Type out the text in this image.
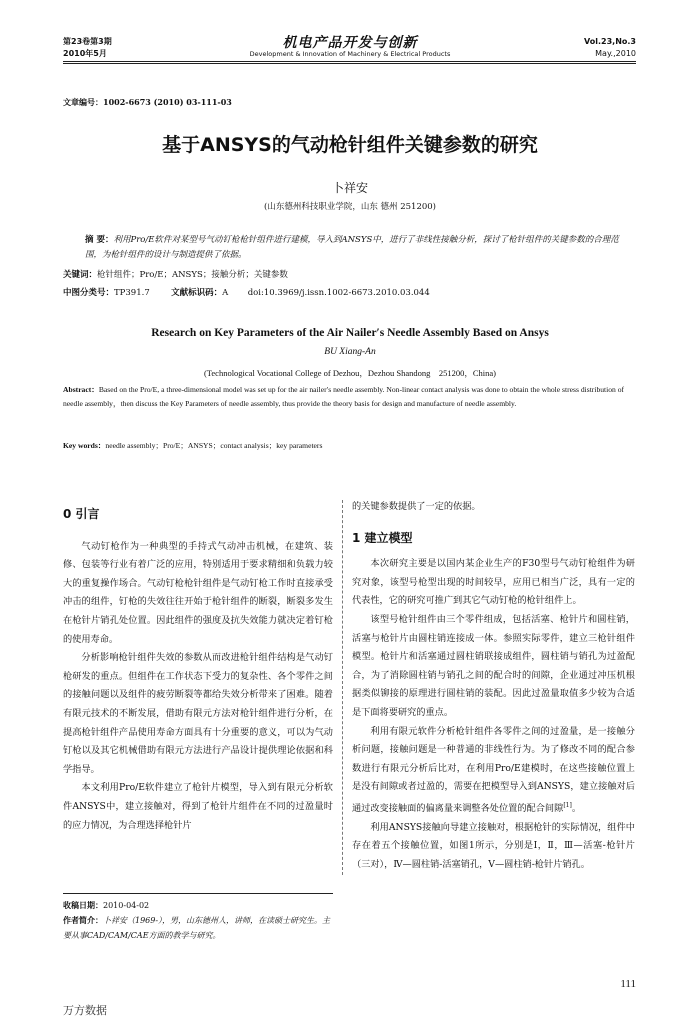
第23卷第3期
2010年5月
机电产品开发与创新
Development & Innovation of Machinery & Electrical Products
Vol.23,No.3
May.,2010
文章编号：1002-6673 (2010) 03-111-03
基于ANSYS的气动枪针组件关键参数的研究
卜祥安
(山东德州科技职业学院，山东 德州 251200)
摘 要：利用Pro/E软件对某型号气动钉枪枪针组件进行建模，导入到ANSYS中，进行了非线性接触分析，探讨了枪针组件的关键参数的合理范围，为枪针组件的设计与制造提供了依据。
关键词：枪针组件；Pro/E；ANSYS；接触分析；关键参数
中图分类号：TP391.7	文献标识码：A doi:10.3969/j.issn.1002-6673.2010.03.044
Research on Key Parameters of the Air Nailer′s Needle Assembly Based on Ansys
BU Xiang-An
(Technological Vocational College of Dezhou，Dezhou Shandong　251200，China)
Abstract：Based on the Pro/E, a three-dimensional model was set up for the air nailer′s needle assembly. Non-linear contact analysis was done to obtain the whole stress distribution of needle assembly，then discuss the Key Parameters of needle assembly, thus provide the theory basis for design and manufacture of needle assembly.
Key words：needle assembly；Pro/E；ANSYS；contact analysis；key parameters
0 引言

气动钉枪作为一种典型的手持式气动冲击机械，在建筑、装修、包装等行业有着广泛的应用，特别适用于要求精细和负载力较大的重复操作场合。气动钉枪枪针组件是气动钉枪工作时直接承受冲击的组件，钉枪的失效往往开始于枪针组件的断裂，断裂多发生在枪针片销孔处位置。因此组件的强度及抗失效能力就决定着钉枪的使用寿命。

分析影响枪针组件失效的参数从而改进枪针组件结构是气动钉枪研发的重点。但组件在工作状态下受力的复杂性、各个零件之间的接触问题以及组件的疲劳断裂等都给失效分析带来了困难。随着有限元技术的不断发展，借助有限元方法对枪针组件进行分析，在提高枪针组件产品使用寿命方面具有十分重要的意义，可以为气动钉枪以及其它机械借助有限元方法进行产品设计提供理论依据和科学指导。

本文利用Pro/E软件建立了枪针片模型，导入到有限元分析软件ANSYS中，建立接触对，得到了枪针片组件在不同的过盈量时的应力情况，为合理选择枪针片

收稿日期：2010-04-02
作者简介：卜祥安（1969-），男，山东德州人，讲师，在读硕士研究生。主要从事CAD/CAM/CAE方面的教学与研究。

的关键参数提供了一定的依据。

1 建立模型

本次研究主要是以国内某企业生产的F30型号气动钉枪组件为研究对象，该型号枪型出现的时间较早，应用已相当广泛，具有一定的代表性，它的研究可推广到其它气动钉枪的枪针组件上。

该型号枪针组件由三个零件组成，包括活塞、枪针片和圆柱销，活塞与枪针片由圆柱销连接成一体。参照实际零件，建立三枪针组件模型。枪针片和活塞通过圆柱销联接成组件，圆柱销与销孔为过盈配合，为了消除圆柱销与销孔之间的配合时的间隙，企业通过冲压机根据类似铆接的原理进行圆柱销的装配。因此过盈量取值多少较为合适是下面将要研究的重点。

利用有限元软件分析枪针组件各零件之间的过盈量，是一接触分析问题，接触问题是一种普通的非线性行为。为了修改不同的配合参数进行有限元分析后比对，在利用Pro/E建模时，在这些接触位置上是没有间隙或者过盈的，需要在把模型导入到ANSYS，建立接触对后通过改变接触面的偏离量来调整各处位置的配合间隙[1]。

利用ANSYS接触向导建立接触对，根据枪针的实际情况，组件中存在着五个接触位置，如图1所示，分别是Ⅰ，Ⅱ，Ⅲ—活塞-枪针片（三对），Ⅳ—圆柱销-活塞销孔，Ⅴ—圆柱销-枪针片销孔。

111
万方数据
